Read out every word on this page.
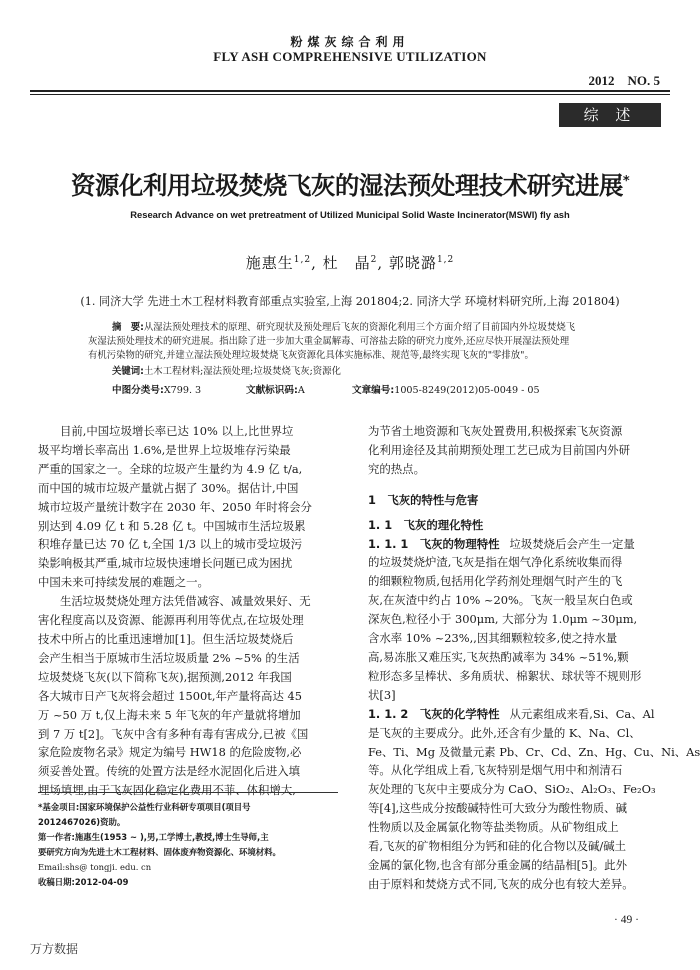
粉煤灰综合利用
FLY ASH COMPREHENSIVE UTILIZATION
2012　NO. 5
综 述
资源化利用垃圾焚烧飞灰的湿法预处理技术研究进展*
Research Advance on wet pretreatment of Utilized Municipal Solid Waste Incinerator(MSWI) fly ash
施惠生$^{1,2}$, 杜　晶$^2$, 郭晓潞$^{1,2}$
(1. 同济大学 先进土木工程材料教育部重点实验室,上海 201804;2. 同济大学 环境材料研究所,上海 201804)
摘　要:从湿法预处理技术的原理、研究现状及预处理后飞灰的资源化利用三个方面介绍了目前国内外垃圾焚烧飞
灰湿法预处理技术的研究进展。指出除了进一步加大重金属解毒、可溶盐去除的研究力度外,还应尽快开展湿法预处理
有机污染物的研究,并建立湿法预处理垃圾焚烧飞灰资源化具体实施标准、规范等,最终实现飞灰的"零排放"。
关键词:土木工程材料;湿法预处理;垃圾焚烧飞灰;资源化
中图分类号:X799. 3	文献标识码:A	文章编号:1005-8249(2012)05-0049 - 05

目前,中国垃圾增长率已达 10% 以上,比世界垃

圾平均增长率高出 1.6%,是世界上垃圾堆存污染最

严重的国家之一。全球的垃圾产生量约为 4.9 亿 t/a,

而中国的城市垃圾产量就占据了 30%。据估计,中国

城市垃圾产量统计数字在 2030 年、2050 年时将会分

别达到 4.09 亿 t 和 5.28 亿 t。中国城市生活垃圾累

积堆存量已达 70 亿 t,全国 1/3 以上的城市受垃圾污

染影响极其严重,城市垃圾快速增长问题已成为困扰

中国未来可持续发展的难题之一。

生活垃圾焚烧处理方法凭借减容、减量效果好、无

害化程度高以及资源、能源再利用等优点,在垃圾处理

技术中所占的比重迅速增加[1]。但生活垃圾焚烧后

会产生相当于原城市生活垃圾质量 2% ~5% 的生活

垃圾焚烧飞灰(以下简称飞灰),据预测,2012 年我国

各大城市日产飞灰将会超过 1500t,年产量将高达 45

万 ~50 万 t,仅上海未来 5 年飞灰的年产量就将增加

到 7 万 t[2]。飞灰中含有多种有毒有害成分,已被《国

家危险废物名录》规定为编号 HW18 的危险废物,必

须妥善处置。传统的处置方法是经水泥固化后进入填

埋场填埋,由于飞灰固化稳定化费用不菲、体积增大,

*基金项目:国家环境保护公益性行业科研专项项目(项目号

2012467026)资助。

第一作者:施惠生(1953 ~ ),男,工学博士,教授,博士生导师,主

要研究方向为先进土木工程材料、固体废弃物资源化、环境材料。

Email:shs@ tongji. edu. cn

收稿日期:2012-04-09

为节省土地资源和飞灰处置费用,积极探索飞灰资源

化利用途径及其前期预处理工艺已成为目前国内外研

究的热点。

1　飞灰的特性与危害

1. 1　飞灰的理化特性

1. 1. 1　飞灰的物理特性 垃圾焚烧后会产生一定量

的垃圾焚烧炉渣,飞灰是指在烟气净化系统收集而得

的细颗粒物质,包括用化学药剂处理烟气时产生的飞

灰,在灰渣中约占 10% ~20%。飞灰一般呈灰白色或

深灰色,粒径小于 300μm, 大部分为 1.0μm ~30μm,

含水率 10% ~23%,,因其细颗粒较多,使之持水量

高,易冻胀又难压实,飞灰热酌减率为 34% ~51%,颗

粒形态多呈棒状、多角质状、棉絮状、球状等不规则形

状[3]

1. 1. 2　飞灰的化学特性 从元素组成来看,Si、Ca、Al

是飞灰的主要成分。此外,还含有少量的 K、Na、Cl、

Fe、Ti、Mg 及微量元素 Pb、Cr、Cd、Zn、Hg、Cu、Ni、As

等。从化学组成上看,飞灰特别是烟气用中和剂清石

灰处理的飞灰中主要成分为 CaO、SiO₂、Al₂O₃、Fe₂O₃

等[4],这些成分按酸碱特性可大致分为酸性物质、碱

性物质以及金属氯化物等盐类物质。从矿物组成上

看,飞灰的矿物相组分为钙和硅的化合物以及碱/碱土

金属的氯化物,也含有部分重金属的结晶相[5]。此外

由于原料和焚烧方式不同,飞灰的成分也有较大差异。

· 49 ·
万方数据
